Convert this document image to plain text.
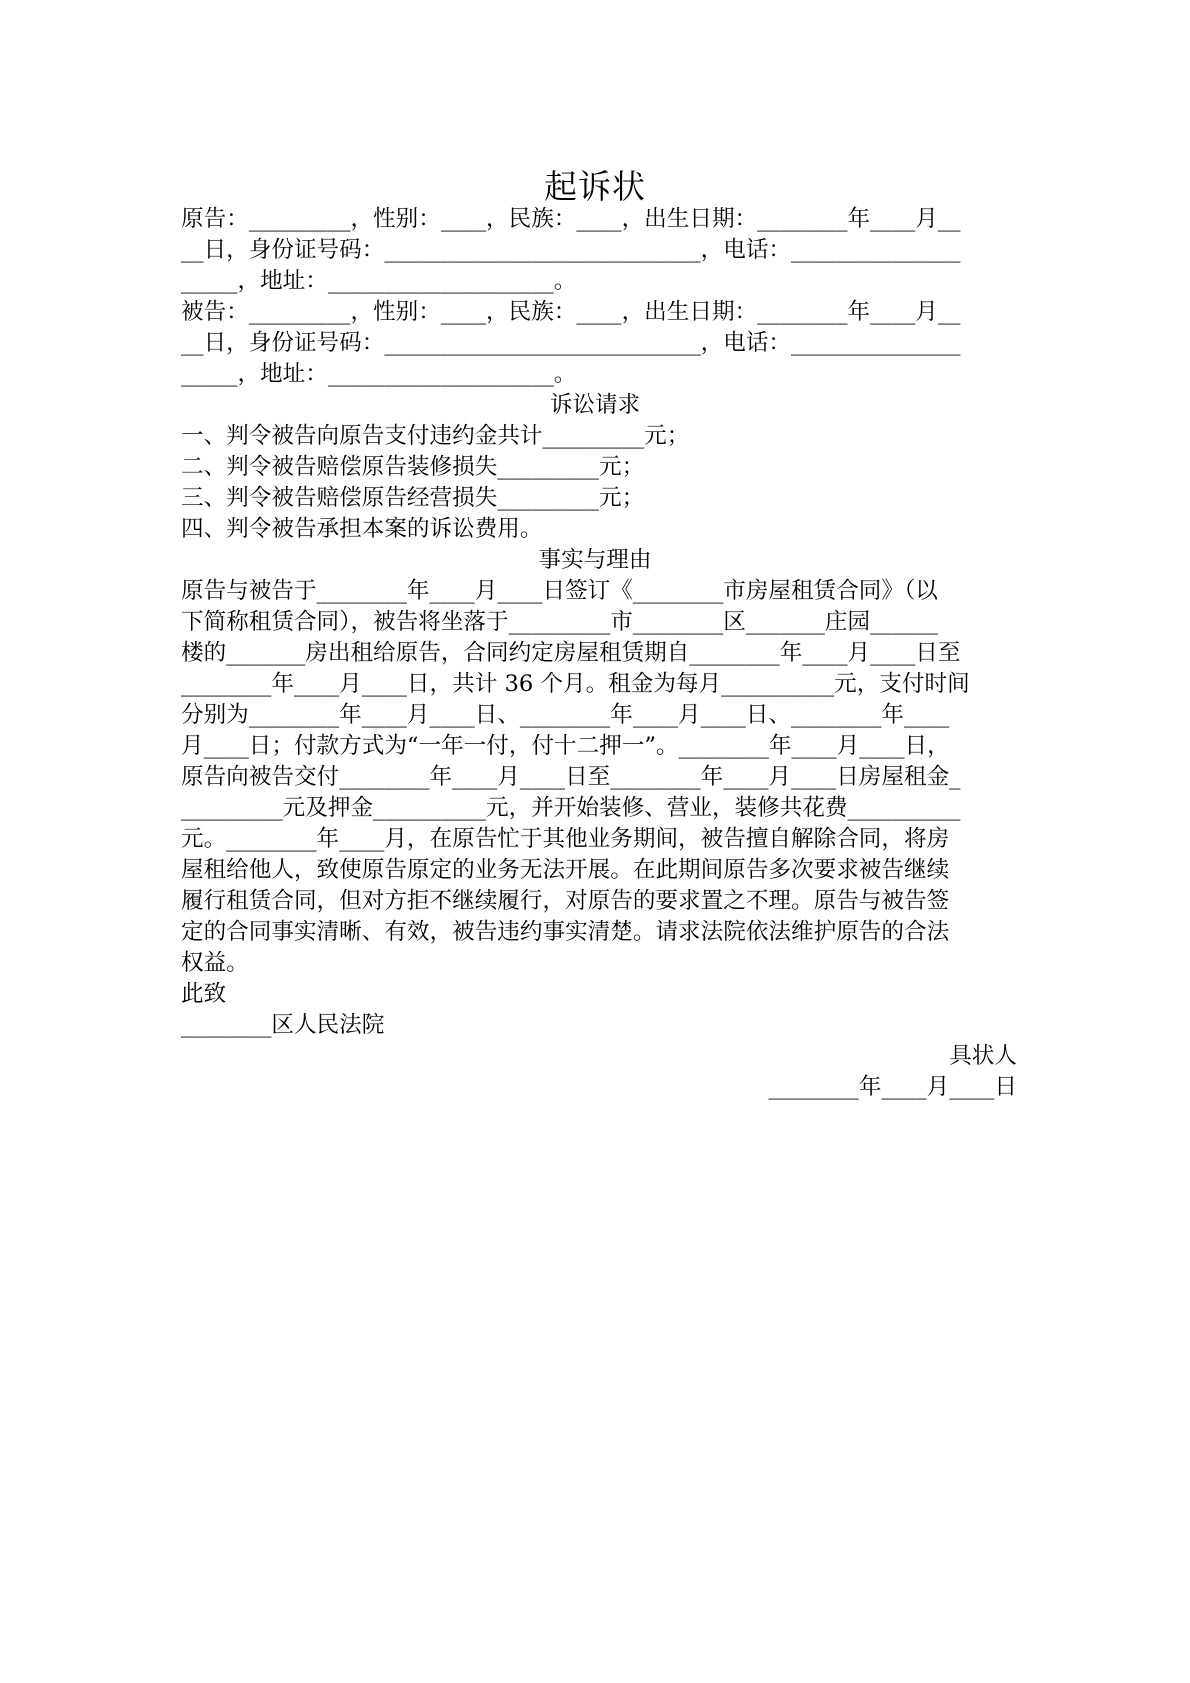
起诉状
原告：_________，性别：____，民族：____，出生日期：________年____月__
__日，身份证号码：____________________________，电话：_______________
_____，地址：____________________。
被告：_________，性别：____，民族：____，出生日期：________年____月__
__日，身份证号码：____________________________，电话：_______________
_____，地址：____________________。
诉讼请求
一、判令被告向原告支付违约金共计_________元；
二、判令被告赔偿原告装修损失_________元；
三、判令被告赔偿原告经营损失_________元；
四、判令被告承担本案的诉讼费用。
事实与理由
原告与被告于________年____月____日签订《________市房屋租赁合同》（以
下简称租赁合同），被告将坐落于_________市________区_______庄园______
楼的_______房出租给原告，合同约定房屋租赁期自________年____月____日至
________年____月____日，共计 36 个月。租金为每月__________元，支付时间
分别为________年____月____日、________年____月____日、________年____
月____日；付款方式为“一年一付，付十二押一”。________年____月____日，
原告向被告交付________年____月____日至________年____月____日房屋租金_
_________元及押金__________元，并开始装修、营业，装修共花费__________
元。________年____月，在原告忙于其他业务期间，被告擅自解除合同，将房
屋租给他人，致使原告原定的业务无法开展。在此期间原告多次要求被告继续
履行租赁合同，但对方拒不继续履行，对原告的要求置之不理。原告与被告签
定的合同事实清晰、有效，被告违约事实清楚。请求法院依法维护原告的合法
权益。
此致
________区人民法院
具状人
________年____月____日
